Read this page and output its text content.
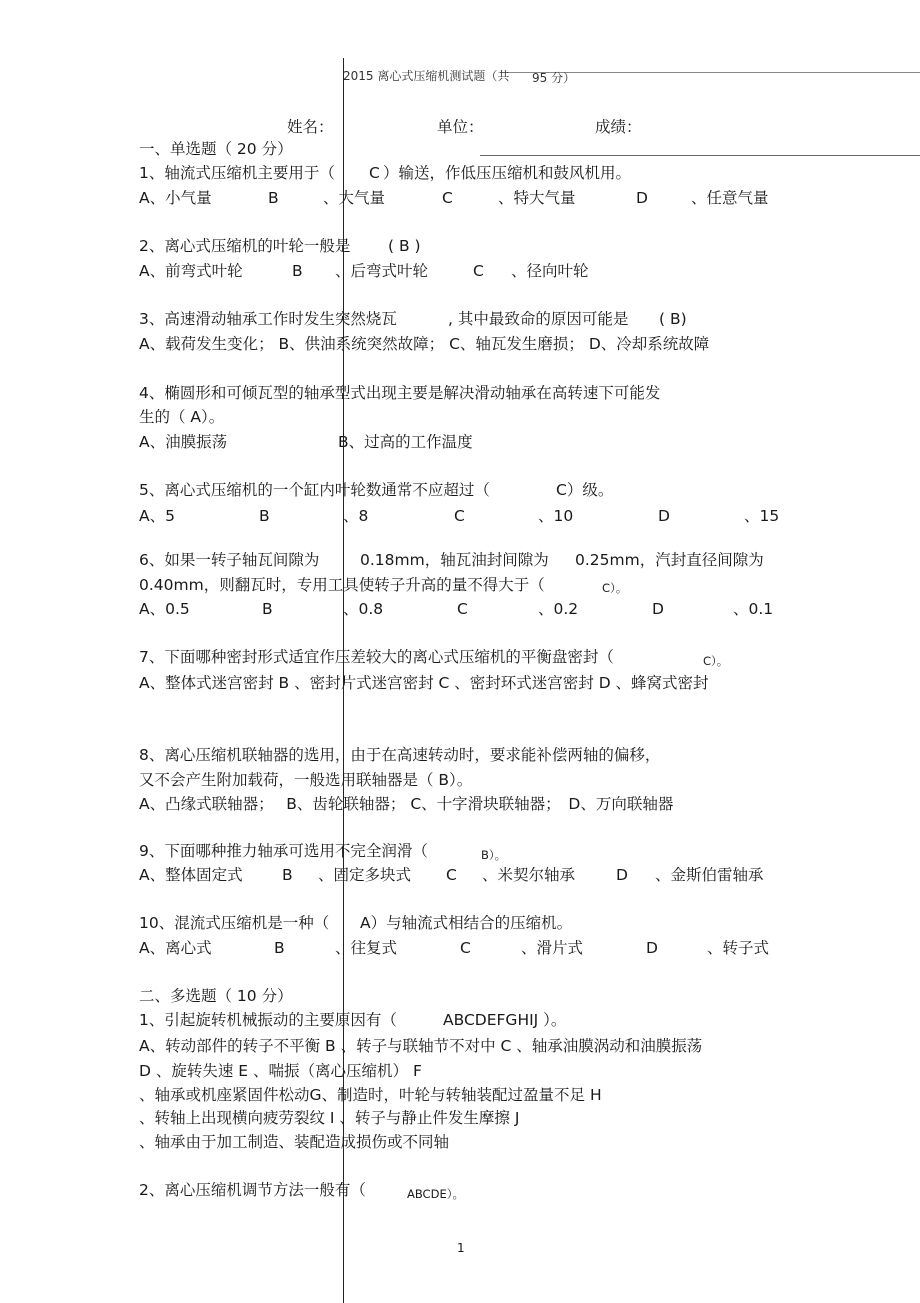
2015 离心式压缩机测试题（共 95 分）
姓名：	单位：	成绩：
一、单选题（ 20 分）
1、轴流式压缩机主要用于（ C ）输送，作低压压缩机和鼓风机用。
A、小气量	B	、大气量	C	、特大气量	D	、任意气量
2、离心式压缩机的叶轮一般是 ( B )
A、前弯式叶轮	B 、后弯式叶轮	C 、径向叶轮
3、高速滑动轴承工作时发生突然烧瓦	, 其中最致命的原因可能是 ( B)
A、载荷发生变化； B、供油系统突然故障； C、轴瓦发生磨损； D、冷却系统故障
4、椭圆形和可倾瓦型的轴承型式出现主要是解决滑动轴承在高转速下可能发
生的（ A）。
A、油膜振荡	B、过高的工作温度
5、离心式压缩机的一个缸内叶轮数通常不应超过（	C）级。
A、5	B	、8	C	、10	D	、15
6、如果一转子轴瓦间隙为	0.18mm，轴瓦油封间隙为 0.25mm，汽封直径间隙为
0.40mm，则翻瓦时，专用工具使转子升高的量不得大于（	C）。
A、0.5	B	、0.8	C	、0.2	D	、0.1
7、下面哪种密封形式适宜作压差较大的离心式压缩机的平衡盘密封（	C）。
A、整体式迷宫密封 B 、密封片式迷宫密封 C 、密封环式迷宫密封 D 、蜂窝式密封
8、离心压缩机联轴器的选用，由于在高速转动时，要求能补偿两轴的偏移，
又不会产生附加载荷，一般选用联轴器是（ B）。
A、凸缘式联轴器；　 B、齿轮联轴器； C、十字滑块联轴器；　D、万向联轴器
9、下面哪种推力轴承可选用不完全润滑（	B）。
A、整体固定式	B 、固定多块式 C 、米契尔轴承	D 、金斯伯雷轴承
10、混流式压缩机是一种（ A）与轴流式相结合的压缩机。
A、离心式	B	、往复式	C	、滑片式	D	、转子式
二、多选题（ 10 分）
1、引起旋转机械振动的主要原因有（	ABCDEFGHIJ ）。
A、转动部件的转子不平衡 B 、转子与联轴节不对中 C 、轴承油膜涡动和油膜振荡
D 、旋转失速 E 、喘振（离心压缩机） F
、轴承或机座紧固件松动G、制造时，叶轮与转轴装配过盈量不足 H
、转轴上出现横向疲劳裂纹 I 、转子与静止件发生摩擦 J
、轴承由于加工制造、装配造成损伤或不同轴
2、离心压缩机调节方法一般有（	ABCDE）。
1
